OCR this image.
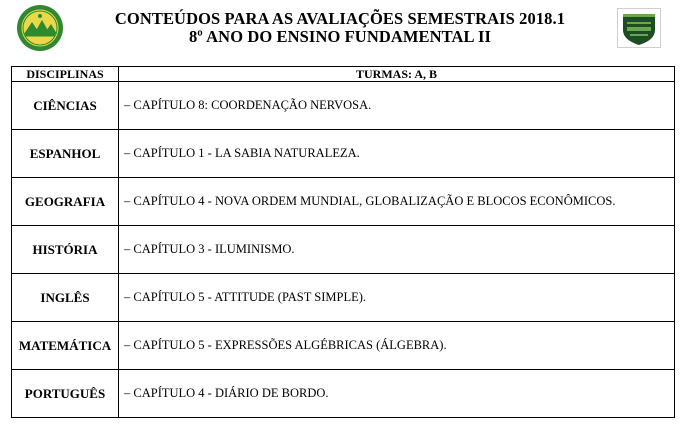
CONTEÚDOS PARA AS AVALIAÇÕES SEMESTRAIS 2018.1
8º ANO DO ENSINO FUNDAMENTAL II
DISCIPLINAS	TURMAS: A, B
CIÊNCIAS	– CAPÍTULO 8: COORDENAÇÃO NERVOSA.
ESPANHOL	– CAPÍTULO 1 - LA SABIA NATURALEZA.
GEOGRAFIA	– CAPÍTULO 4 - NOVA ORDEM MUNDIAL, GLOBALIZAÇÃO E BLOCOS ECONÔMICOS.
HISTÓRIA	– CAPÍTULO 3 - ILUMINISMO.
INGLÊS	– CAPÍTULO 5 - ATTITUDE (PAST SIMPLE).
MATEMÁTICA	– CAPÍTULO 5 - EXPRESSÕES ALGÉBRICAS (ÁLGEBRA).
PORTUGUÊS	– CAPÍTULO 4 - DIÁRIO DE BORDO.
